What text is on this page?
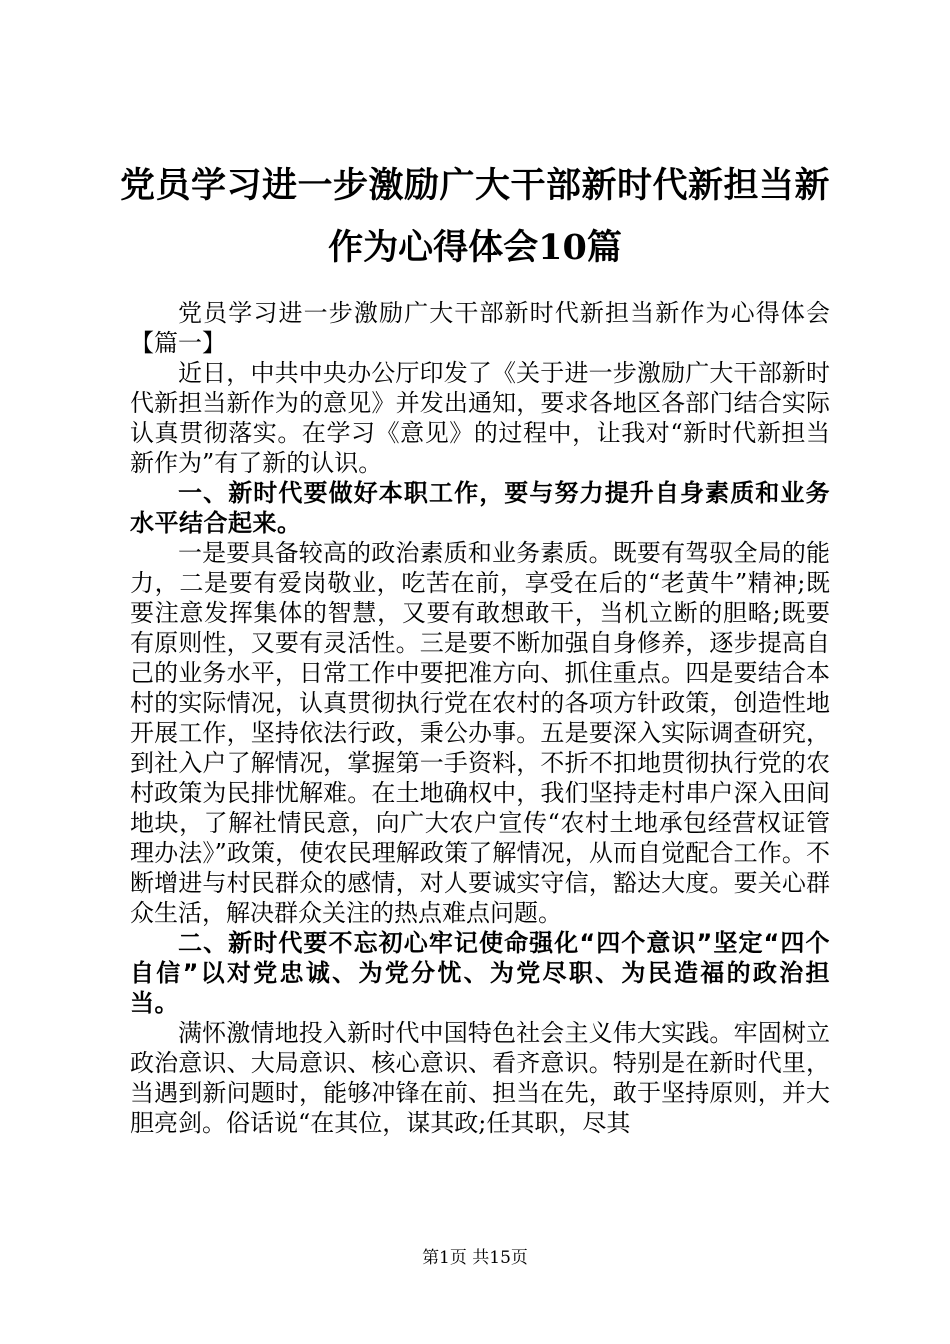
党员学习进一步激励广大干部新时代新担当新
作为心得体会10篇

党员学习进一步激励广大干部新时代新担当新作为心得体会【篇一】

近日，中共中央办公厅印发了《关于进一步激励广大干部新时代新担当新作为的意见》并发出通知，要求各地区各部门结合实际认真贯彻落实。在学习《意见》的过程中，让我对“新时代新担当新作为”有了新的认识。

一、新时代要做好本职工作，要与努力提升自身素质和业务水平结合起来。

一是要具备较高的政治素质和业务素质。既要有驾驭全局的能力，二是要有爱岗敬业，吃苦在前，享受在后的“老黄牛”精神;既要注意发挥集体的智慧，又要有敢想敢干，当机立断的胆略;既要有原则性，又要有灵活性。三是要不断加强自身修养，逐步提高自己的业务水平，日常工作中要把准方向、抓住重点。四是要结合本村的实际情况，认真贯彻执行党在农村的各项方针政策，创造性地开展工作，坚持依法行政，秉公办事。五是要深入实际调查研究，到社入户了解情况，掌握第一手资料，不折不扣地贯彻执行党的农村政策为民排忧解难。在土地确权中，我们坚持走村串户深入田间地块，了解社情民意，向广大农户宣传“农村土地承包经营权证管理办法》”政策，使农民理解政策了解情况，从而自觉配合工作。不断增进与村民群众的感情，对人要诚实守信，豁达大度。要关心群众生活，解决群众关注的热点难点问题。

二、新时代要不忘初心牢记使命强化“四个意识”坚定“四个自信”以对党忠诚、为党分忧、为党尽职、为民造福的政治担当。

满怀激情地投入新时代中国特色社会主义伟大实践。牢固树立政治意识、大局意识、核心意识、看齐意识。特别是在新时代里，当遇到新问题时，能够冲锋在前、担当在先，敢于坚持原则，并大胆亮剑。俗话说“在其位，谋其政;任其职，尽其

第1页 共15页
